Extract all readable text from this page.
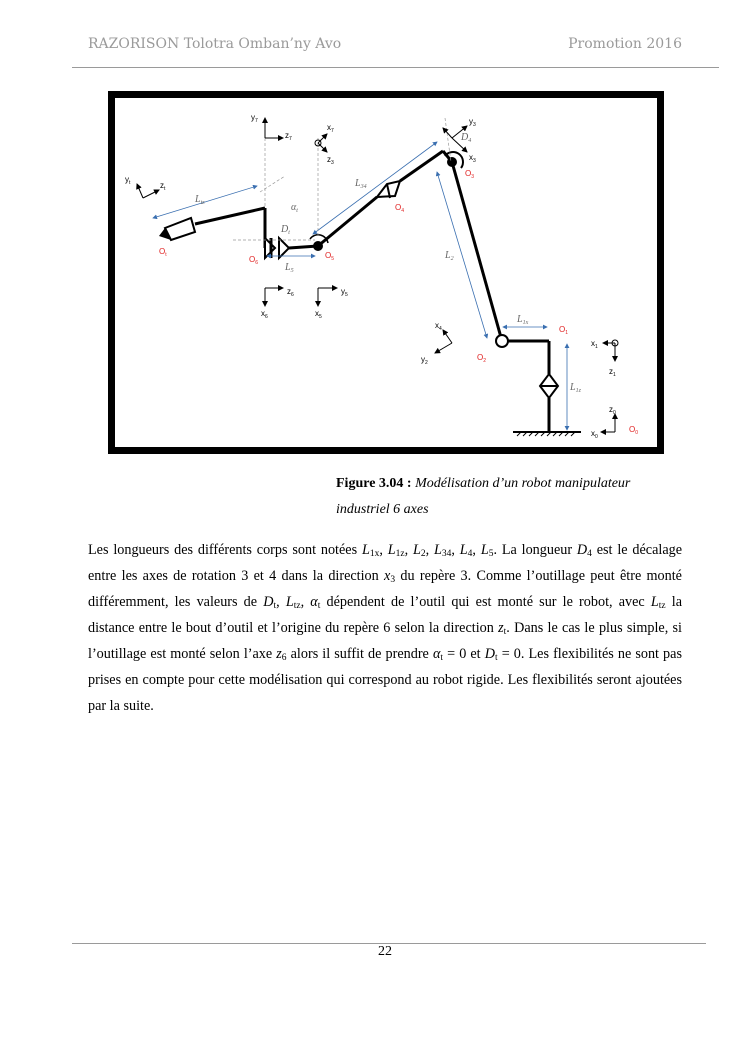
RAZORISON Tolotra Omban’ny Avo	Promotion 2016
$y_7$
$z_7$
$x_7$
$z_3$
$y_t$	$z_t$
$L_{tz}$	$\alpha_t$
$D_t$
$L_5$
$L_{34}$
$D_4$
$L_2$
$L_{1x}$
$L_{1z}$
$O_t$	$O_6$
$O_5$
$O_4$
$O_3$
$O_2$
$O_1$
$O_0$
$z_6$
$x_6$
$y_5$
$x_5$
$y_3$
$x_3$
$x_4$
$y_2$
$x_1$
$z_1$
$z_0$
$x_0$
Figure 3.04 : Modélisation d’un robot manipulateur
industriel 6 axes
Les longueurs des différents corps sont notées $L_{1x}$, $L_{1z}$, $L_2$, $L_{34}$, $L_4$, $L_5$. La longueur $D_4$ est le décalage entre les axes de rotation 3 et 4 dans la direction $x_3$ du repère 3. Comme l’outillage peut être monté différemment, les valeurs de $D_t$, $L_{tz}$, $\alpha_t$ dépendent de l’outil qui est monté sur le robot, avec $L_{tz}$ la distance entre le bout d’outil et l’origine du repère 6 selon la direction $z_t$. Dans le cas le plus simple, si l’outillage est monté selon l’axe $z_6$ alors il suffit de prendre $\alpha_t = 0$ et $D_t = 0$. Les flexibilités ne sont pas prises en compte pour cette modélisation qui correspond au robot rigide. Les flexibilités seront ajoutées par la suite.
22
